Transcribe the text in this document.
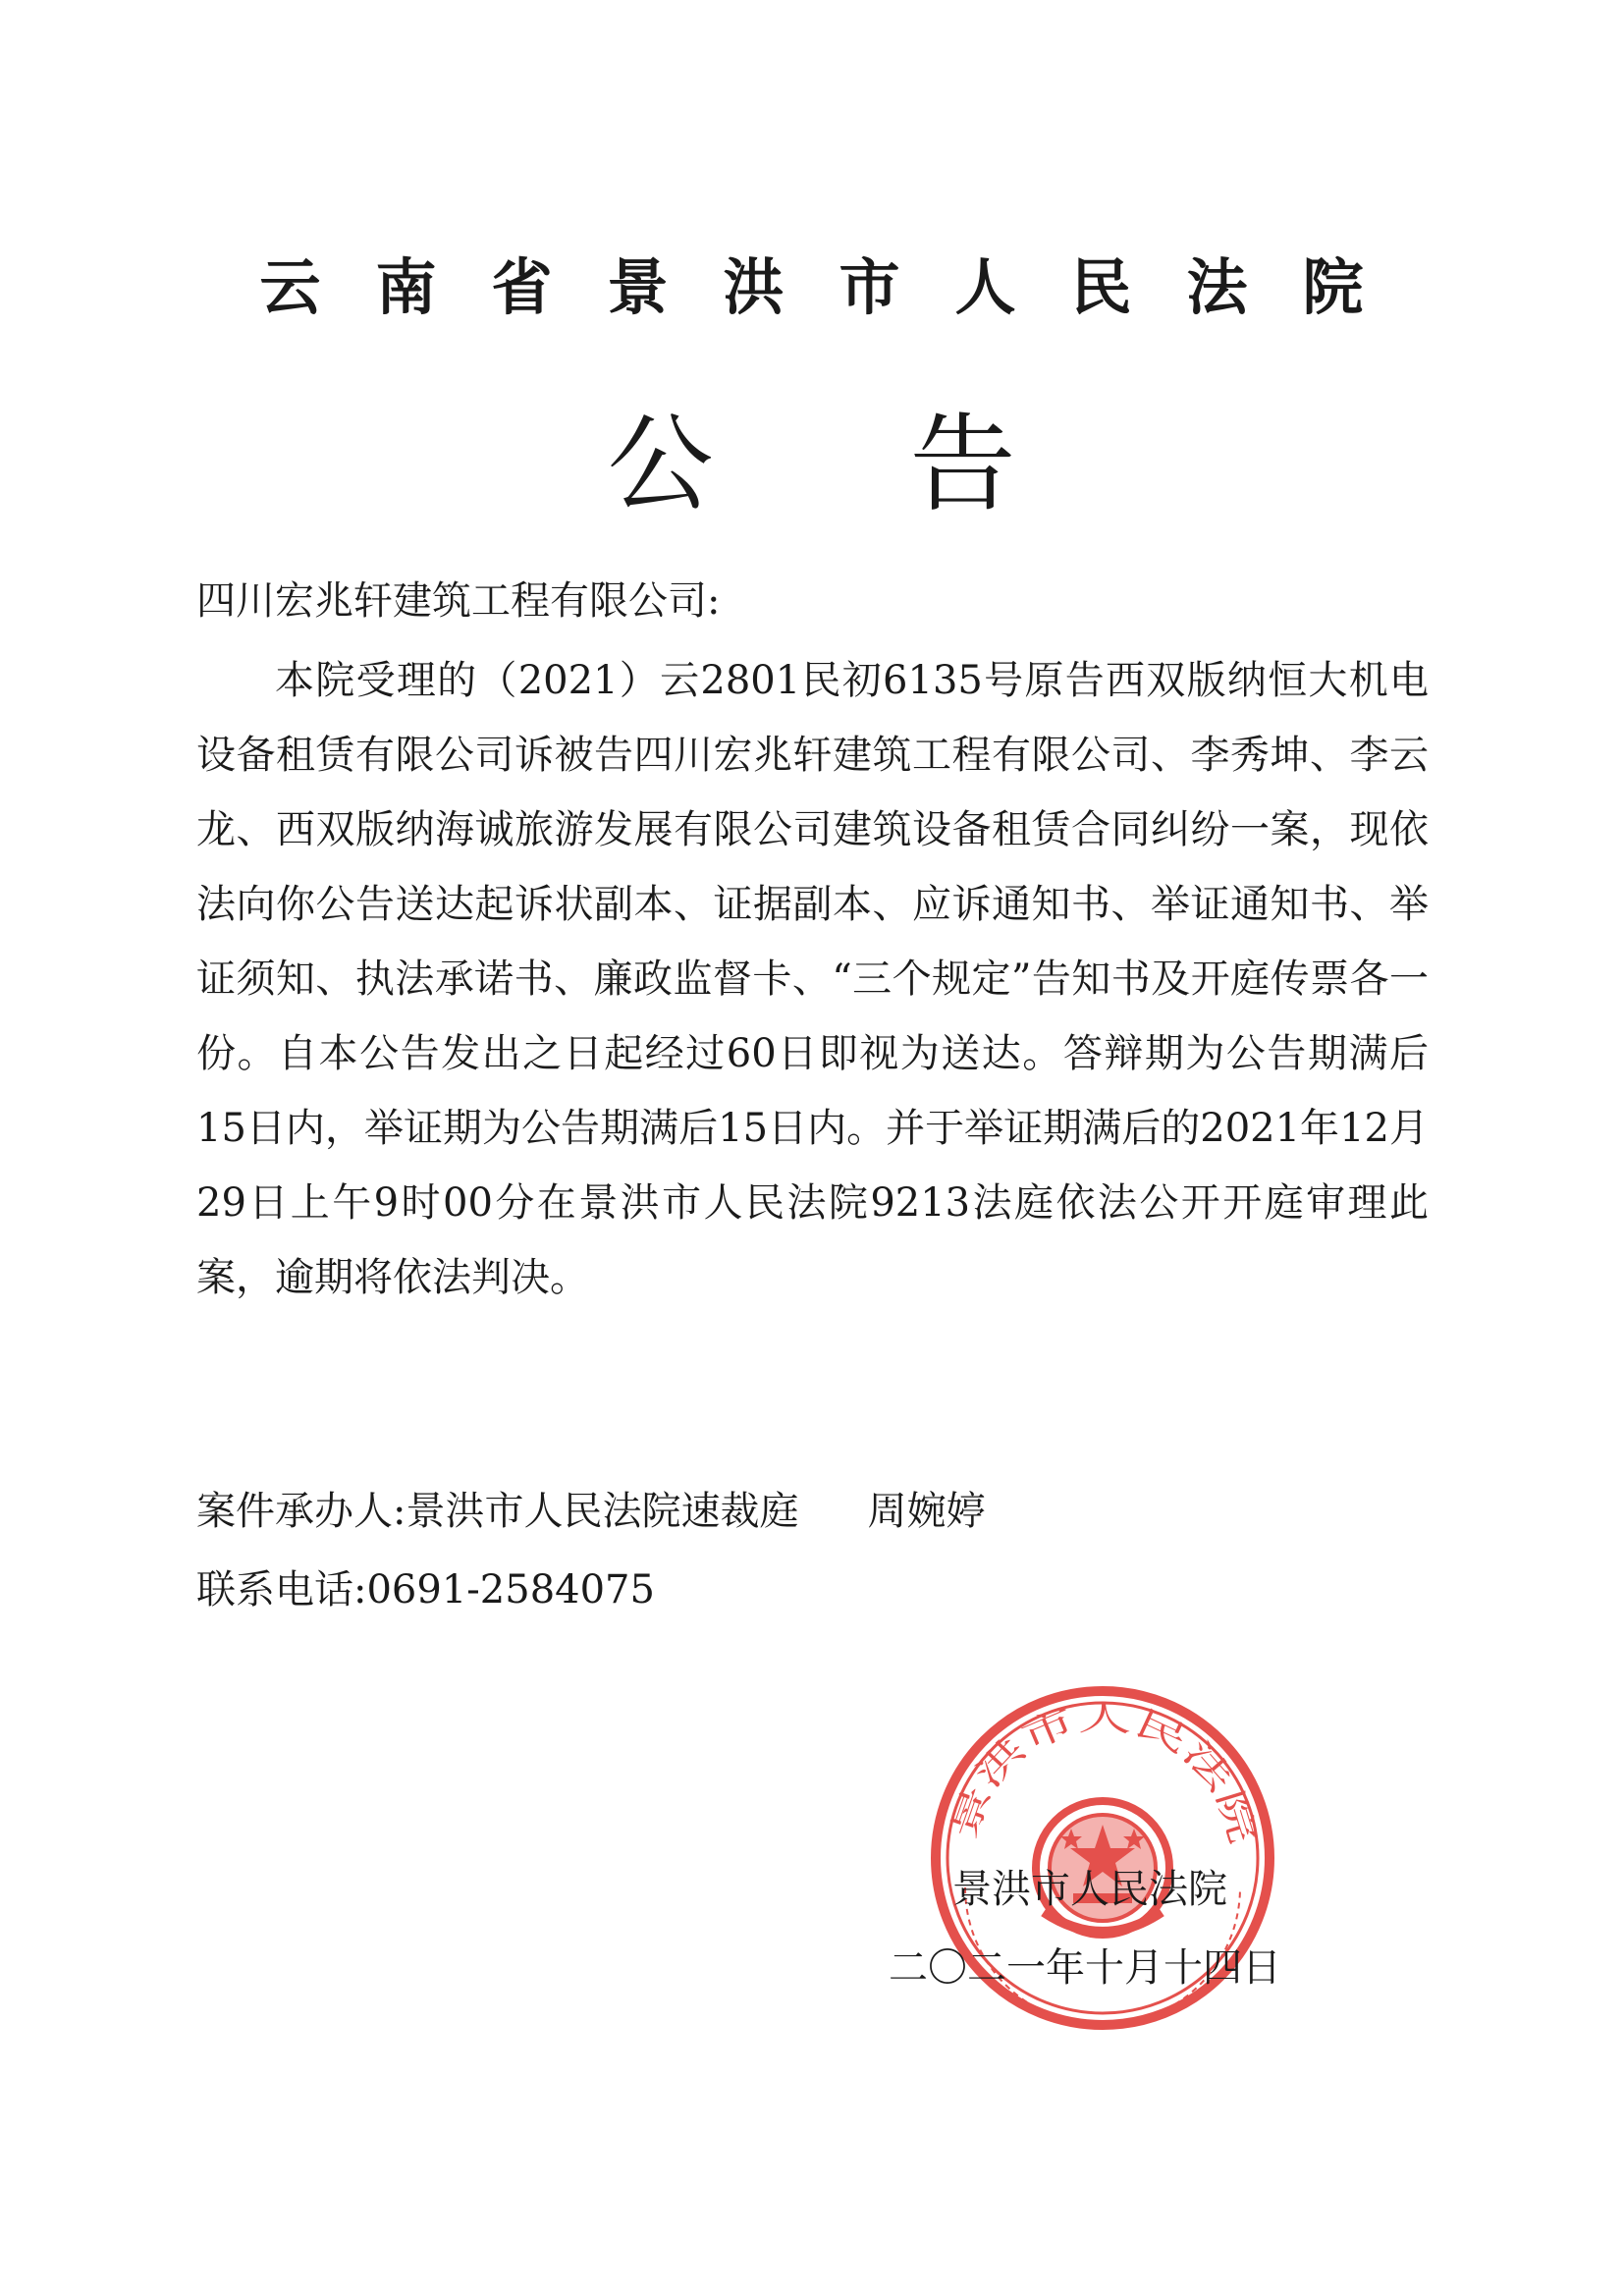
云南省景洪市人民法院
公告
四川宏兆轩建筑工程有限公司:
本院受理的（2021）云2801民初6135号原告西双版纳恒大机电设备租赁有限公司诉被告四川宏兆轩建筑工程有限公司、李秀坤、李云龙、西双版纳海诚旅游发展有限公司建筑设备租赁合同纠纷一案，现依法向你公告送达起诉状副本、证据副本、应诉通知书、举证通知书、举证须知、执法承诺书、廉政监督卡、“三个规定”告知书及开庭传票各一份。自本公告发出之日起经过60日即视为送达。答辩期为公告期满后15日内，举证期为公告期满后15日内。并于举证期满后的2021年12月29日上午9时00分在景洪市人民法院9213法庭依法公开开庭审理此案，逾期将依法判决。
案件承办人:景洪市人民法院速裁庭 周婉婷
联系电话:0691-2584075
景洪市人民法院
景洪市人民法院
二〇二一年十月十四日
